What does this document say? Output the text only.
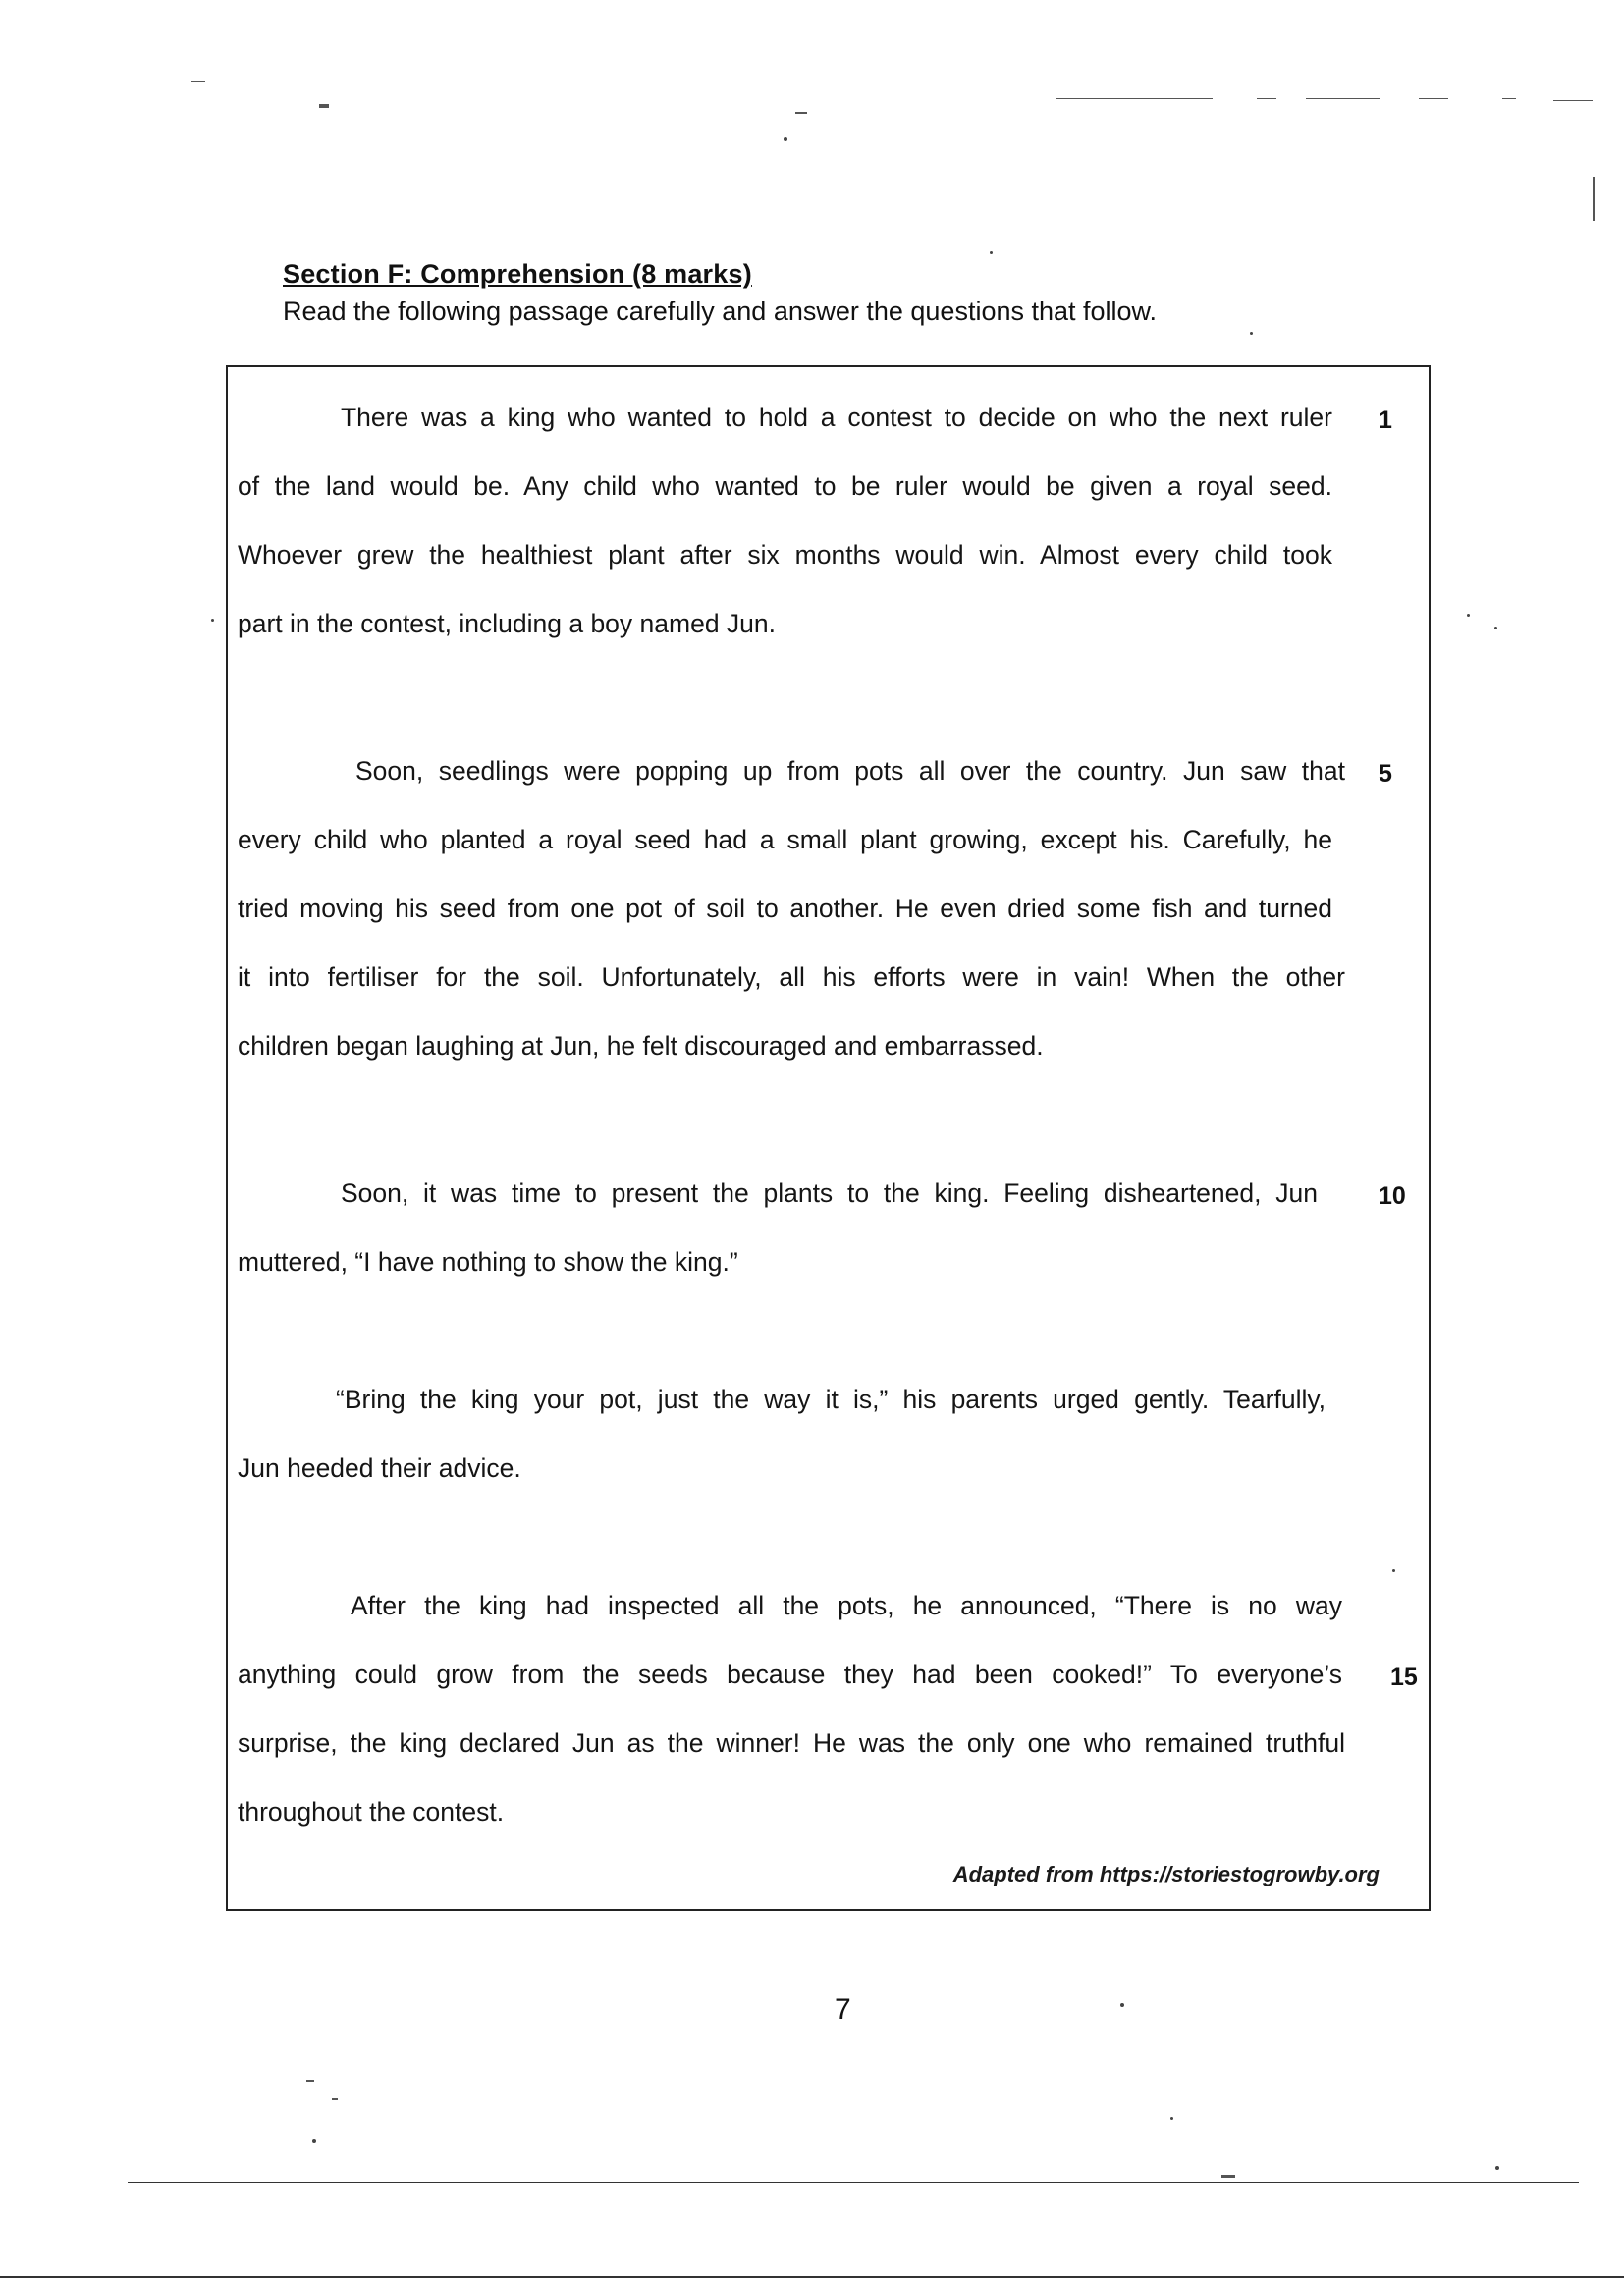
Section F: Comprehension (8 marks)
Read the following passage carefully and answer the questions that follow.
There was a king who wanted to hold a contest to decide on who the next ruler 1
of the land would be. Any child who wanted to be ruler would be given a royal seed.
Whoever grew the healthiest plant after six months would win. Almost every child took
part in the contest, including a boy named Jun.
Soon, seedlings were popping up from pots all over the country. Jun saw that 5
every child who planted a royal seed had a small plant growing, except his. Carefully, he
tried moving his seed from one pot of soil to another. He even dried some fish and turned
it into fertiliser for the soil. Unfortunately, all his efforts were in vain! When the other
children began laughing at Jun, he felt discouraged and embarrassed.
Soon, it was time to present the plants to the king. Feeling disheartened, Jun 10
muttered, “I have nothing to show the king.”
“Bring the king your pot, just the way it is,” his parents urged gently. Tearfully,
Jun heeded their advice.
After the king had inspected all the pots, he announced, “There is no way
anything could grow from the seeds because they had been cooked!” To everyone’s 15
surprise, the king declared Jun as the winner! He was the only one who remained truthful
throughout the contest.
Adapted from https://storiestogrowby.org
7
